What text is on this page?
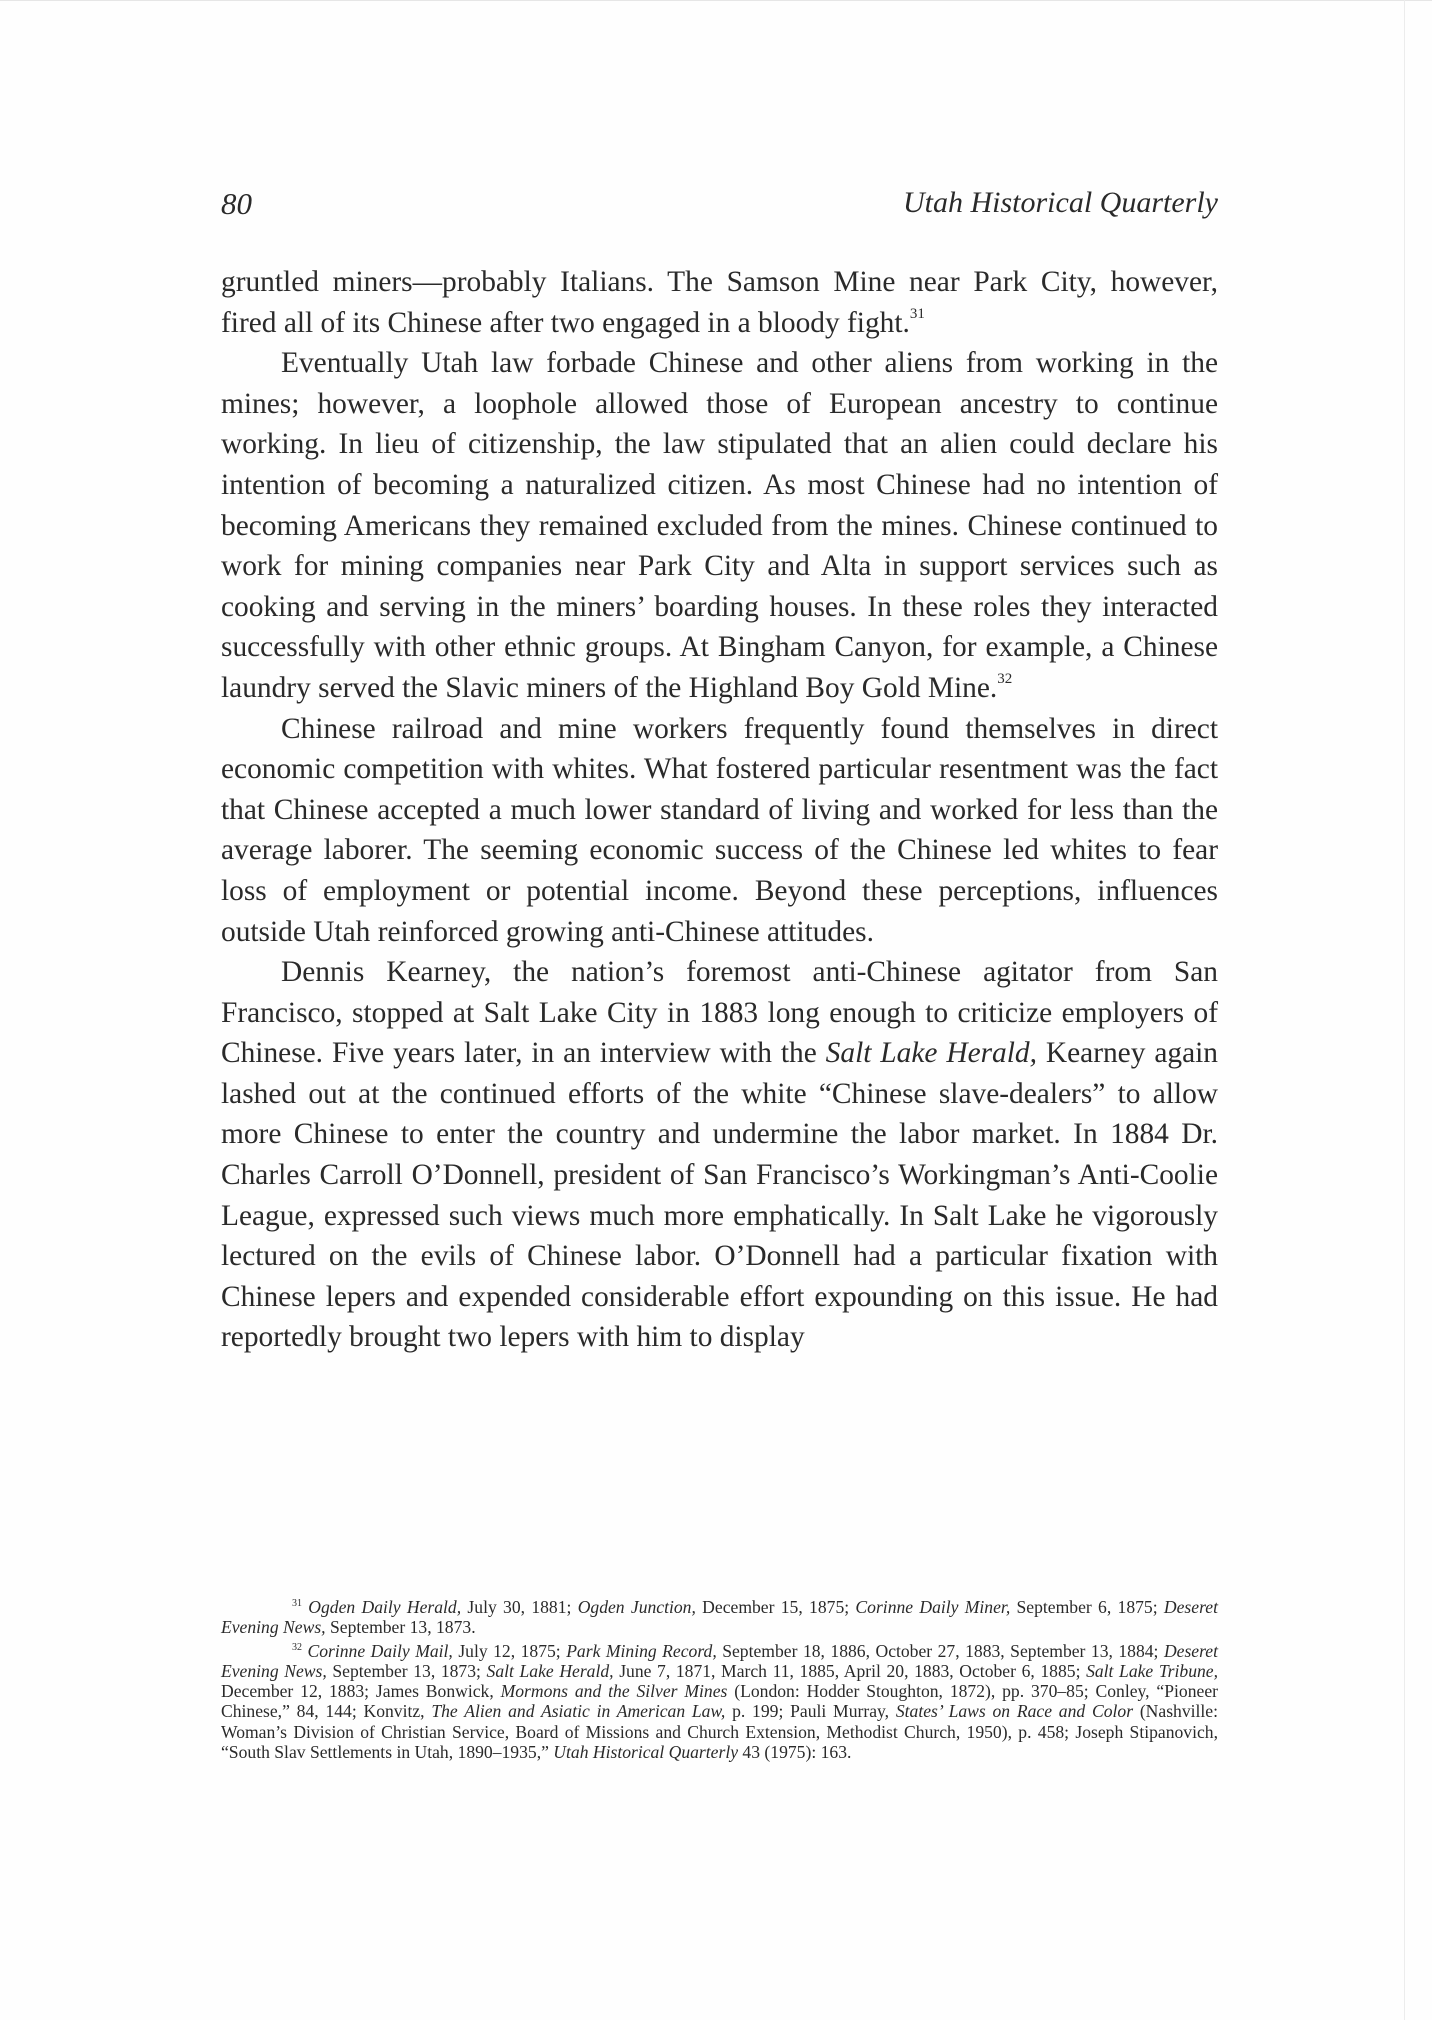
80	Utah Historical Quarterly

gruntled miners—probably Italians. The Samson Mine near Park City, however, fired all of its Chinese after two engaged in a bloody fight.$^{31}$

Eventually Utah law forbade Chinese and other aliens from working in the mines; however, a loophole allowed those of European ancestry to continue working. In lieu of citizenship, the law stipulated that an alien could declare his intention of becoming a naturalized citizen. As most Chinese had no intention of becoming Americans they remained excluded from the mines. Chinese continued to work for mining companies near Park City and Alta in support services such as cooking and serving in the miners’ boarding houses. In these roles they interacted successfully with other ethnic groups. At Bingham Canyon, for example, a Chinese laundry served the Slavic miners of the Highland Boy Gold Mine.$^{32}$

Chinese railroad and mine workers frequently found themselves in direct economic competition with whites. What fostered particular resentment was the fact that Chinese accepted a much lower standard of living and worked for less than the average laborer. The seeming economic success of the Chinese led whites to fear loss of employment or potential income. Beyond these perceptions, influences outside Utah reinforced growing anti-Chinese attitudes.

Dennis Kearney, the nation’s foremost anti-Chinese agitator from San Francisco, stopped at Salt Lake City in 1883 long enough to criticize employers of Chinese. Five years later, in an interview with the Salt Lake Herald, Kearney again lashed out at the continued efforts of the white “Chinese slave-dealers” to allow more Chinese to enter the country and undermine the labor market. In 1884 Dr. Charles Carroll O’Donnell, president of San Francisco’s Workingman’s Anti-Coolie League, expressed such views much more emphatically. In Salt Lake he vigorously lectured on the evils of Chinese labor. O’Donnell had a particular fixation with Chinese lepers and expended considerable effort expounding on this issue. He had reportedly brought two lepers with him to display

$^{31}$ Ogden Daily Herald, July 30, 1881; Ogden Junction, December 15, 1875; Corinne Daily Miner, September 6, 1875; Deseret Evening News, September 13, 1873.

$^{32}$ Corinne Daily Mail, July 12, 1875; Park Mining Record, September 18, 1886, October 27, 1883, September 13, 1884; Deseret Evening News, September 13, 1873; Salt Lake Herald, June 7, 1871, March 11, 1885, April 20, 1883, October 6, 1885; Salt Lake Tribune, December 12, 1883; James Bonwick, Mormons and the Silver Mines (London: Hodder Stoughton, 1872), pp. 370–85; Conley, “Pioneer Chinese,” 84, 144; Konvitz, The Alien and Asiatic in American Law, p. 199; Pauli Murray, States’ Laws on Race and Color (Nashville: Woman’s Division of Christian Service, Board of Missions and Church Extension, Methodist Church, 1950), p. 458; Joseph Stipanovich, “South Slav Settlements in Utah, 1890–1935,” Utah Historical Quarterly 43 (1975): 163.
